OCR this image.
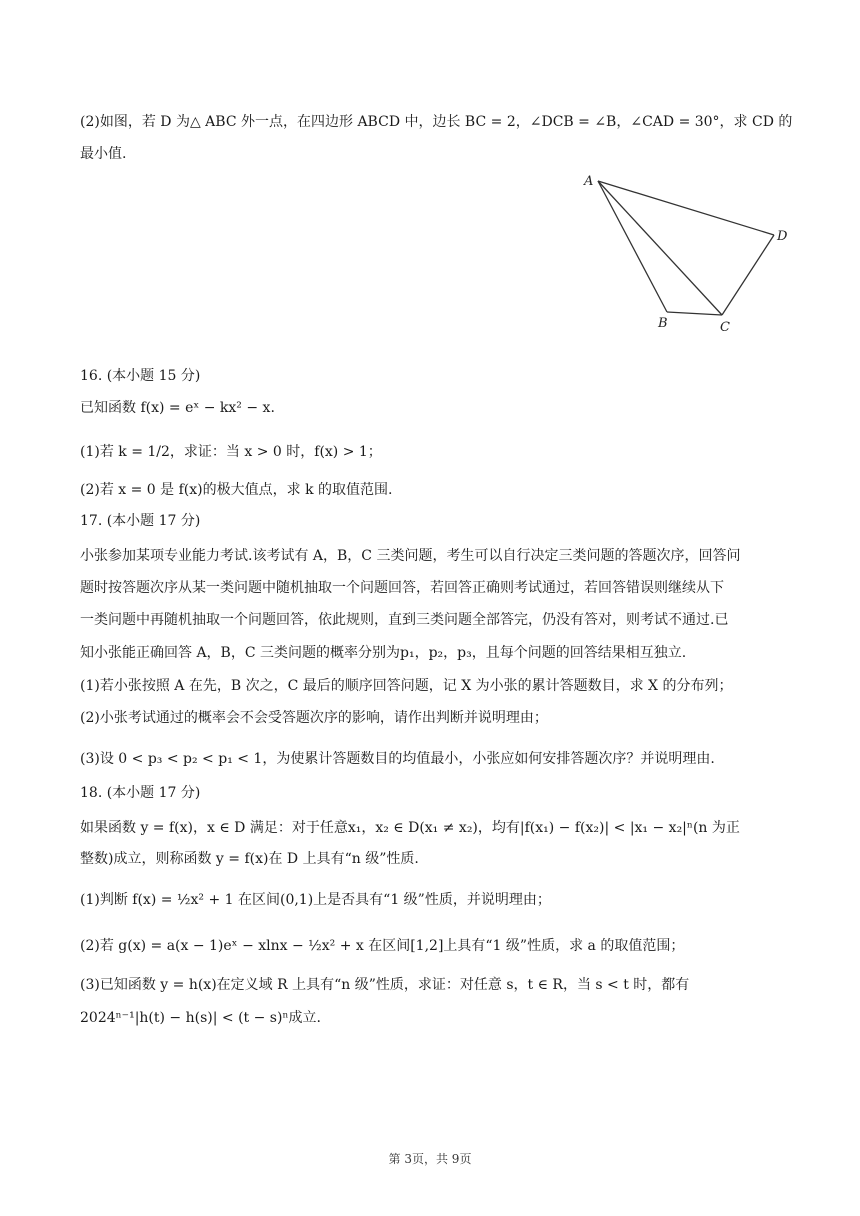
(2)如图，若 D 为△ ABC 外一点，在四边形 ABCD 中，边长 BC = 2，∠DCB = ∠B，∠CAD = 30°，求 CD 的
最小值.
A
B	C
D
16. (本小题 15 分)
已知函数 f(x) = eˣ − kx² − x.
(1)若 k = 1/2，求证：当 x > 0 时，f(x) > 1；
(2)若 x = 0 是 f(x)的极大值点，求 k 的取值范围.
17. (本小题 17 分)
小张参加某项专业能力考试.该考试有 A，B，C 三类问题，考生可以自行决定三类问题的答题次序，回答问
题时按答题次序从某一类问题中随机抽取一个问题回答，若回答正确则考试通过，若回答错误则继续从下
一类问题中再随机抽取一个问题回答，依此规则，直到三类问题全部答完，仍没有答对，则考试不通过.已
知小张能正确回答 A，B，C 三类问题的概率分别为p₁，p₂，p₃，且每个问题的回答结果相互独立.
(1)若小张按照 A 在先，B 次之，C 最后的顺序回答问题，记 X 为小张的累计答题数目，求 X 的分布列；
(2)小张考试通过的概率会不会受答题次序的影响，请作出判断并说明理由；
(3)设 0 < p₃ < p₂ < p₁ < 1，为使累计答题数目的均值最小，小张应如何安排答题次序？并说明理由.
18. (本小题 17 分)
如果函数 y = f(x)，x ∈ D 满足：对于任意x₁，x₂ ∈ D(x₁ ≠ x₂)，均有|f(x₁) − f(x₂)| < |x₁ − x₂|ⁿ(n 为正
整数)成立，则称函数 y = f(x)在 D 上具有“n 级”性质.
(1)判断 f(x) = ½x² + 1 在区间(0,1)上是否具有“1 级”性质，并说明理由；
(2)若 g(x) = a(x − 1)eˣ − xlnx − ½x² + x 在区间[1,2]上具有“1 级”性质，求 a 的取值范围；
(3)已知函数 y = h(x)在定义域 R 上具有“n 级”性质，求证：对任意 s，t ∈ R，当 s < t 时，都有
2024ⁿ⁻¹|h(t) − h(s)| < (t − s)ⁿ成立.
第 3页，共 9页
